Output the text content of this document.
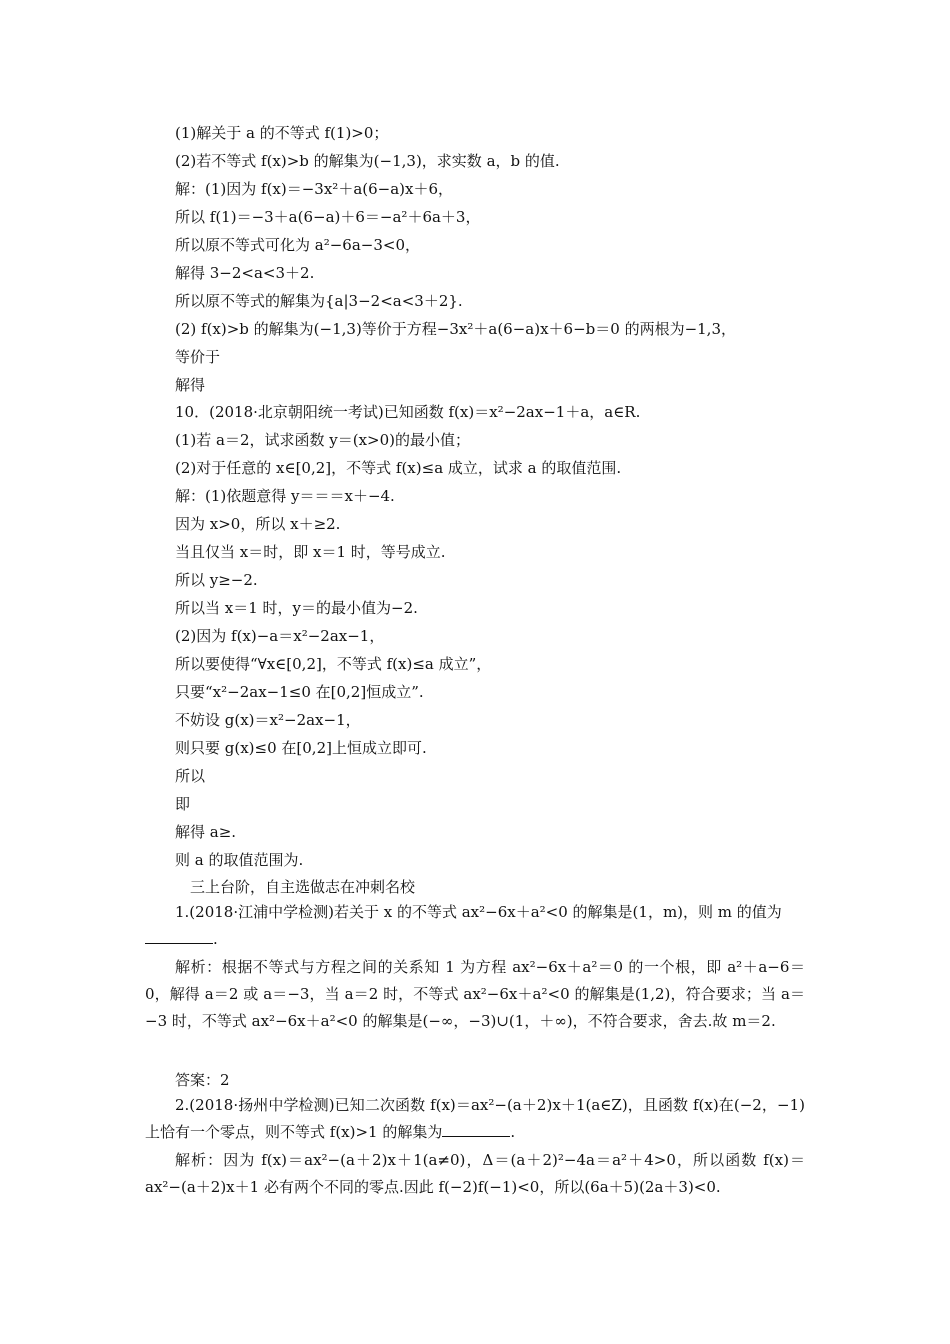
(1)解关于 a 的不等式 f(1)>0；
(2)若不等式 f(x)>b 的解集为(−1,3)，求实数 a，b 的值.
解：(1)因为 f(x)＝−3x²＋a(6−a)x＋6，
所以 f(1)＝−3＋a(6−a)＋6＝−a²＋6a＋3，
所以原不等式可化为 a²−6a−3<0，
解得 3−2<a<3＋2.
所以原不等式的解集为{a|3−2<a<3＋2}.
(2) f(x)>b 的解集为(−1,3)等价于方程−3x²＋a(6−a)x＋6−b＝0 的两根为−1,3，
等价于
解得
10．(2018·北京朝阳统一考试)已知函数 f(x)＝x²−2ax−1＋a，a∈R.
(1)若 a＝2，试求函数 y＝(x>0)的最小值；
(2)对于任意的 x∈[0,2]，不等式 f(x)≤a 成立，试求 a 的取值范围.
解：(1)依题意得 y＝＝＝x＋−4.
因为 x>0，所以 x＋≥2.
当且仅当 x＝时，即 x＝1 时，等号成立.
所以 y≥−2.
所以当 x＝1 时，y＝的最小值为−2.
(2)因为 f(x)−a＝x²−2ax−1，
所以要使得“∀x∈[0,2]，不等式 f(x)≤a 成立”，
只要“x²−2ax−1≤0 在[0,2]恒成立”.
不妨设 g(x)＝x²−2ax−1，
则只要 g(x)≤0 在[0,2]上恒成立即可.
所以
即
解得 a≥.
则 a 的取值范围为.
三上台阶，自主选做志在冲刺名校
1.(2018·江浦中学检测)若关于 x 的不等式 ax²−6x＋a²<0 的解集是(1，m)，则 m 的值为
.
解析：根据不等式与方程之间的关系知 1 为方程 ax²−6x＋a²＝0 的一个根，即 a²＋a−6＝0，解得 a＝2 或 a＝−3，当 a＝2 时，不等式 ax²−6x＋a²<0 的解集是(1,2)，符合要求；当 a＝−3 时，不等式 ax²−6x＋a²<0 的解集是(−∞，−3)∪(1，＋∞)，不符合要求，舍去.故 m＝2.
答案：2
2.(2018·扬州中学检测)已知二次函数 f(x)＝ax²−(a＋2)x＋1(a∈Z)，且函数 f(x)在(−2，−1)上恰有一个零点，则不等式 f(x)>1 的解集为	.
解析：因为 f(x)＝ax²−(a＋2)x＋1(a≠0)，Δ＝(a＋2)²−4a＝a²＋4>0，所以函数 f(x)＝ax²−(a＋2)x＋1 必有两个不同的零点.因此 f(−2)f(−1)<0，所以(6a＋5)(2a＋3)<0.
